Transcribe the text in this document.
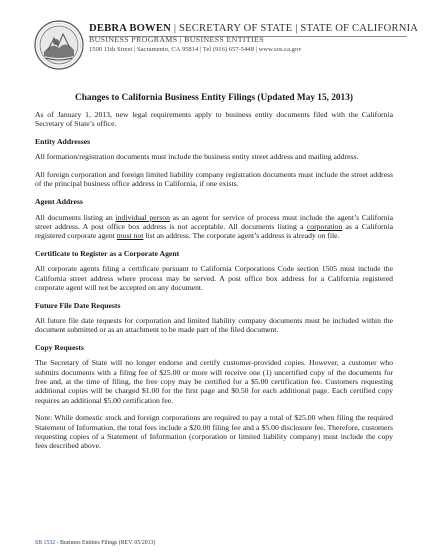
DEBRA BOWEN | SECRETARY OF STATE | STATE OF CALIFORNIA
BUSINESS PROGRAMS | BUSINESS ENTITIES
1500 11th Street | Sacramento, CA 95814 | Tel (916) 657-5448 | www.sos.ca.gov
Changes to California Business Entity Filings (Updated May 15, 2013)

As of January 1, 2013, new legal requirements apply to business entity documents filed with the California Secretary of State’s office.

Entity Addresses

All formation/registration documents must include the business entity street address and mailing address.

All foreign corporation and foreign limited liability company registration documents must include the street address of the principal business office address in California, if one exists.

Agent Address

All documents listing an individual person as an agent for service of process must include the agent’s California street address. A post office box address is not acceptable. All documents listing a corporation as a California registered corporate agent must not list an address. The corporate agent’s address is already on file.

Certificate to Register as a Corporate Agent

All corporate agents filing a certificate pursuant to California Corporations Code section 1505 must include the California street address where process may be served. A post office box address for a California registered corporate agent will not be accepted on any document.

Future File Date Requests

All future file date requests for corporation and limited liability company documents must be included within the document submitted or as an attachment to be made part of the filed document.

Copy Requests

The Secretary of State will no longer endorse and certify customer-provided copies. However, a customer who submits documents with a filing fee of $25.00 or more will receive one (1) uncertified copy of the documents for free and, at the time of filing, the free copy may be certified for a $5.00 certification fee. Customers requesting additional copies will be charged $1.00 for the first page and $0.50 for each additional page. Each certified copy requires an additional $5.00 certification fee.

Note: While domestic stock and foreign corporations are required to pay a total of $25.00 when filing the required Statement of Information, the total fees include a $20.00 filing fee and a $5.00 disclosure fee. Therefore, customers requesting copies of a Statement of Information (corporation or limited liability company) must include the copy fees described above.

SB 1532 - Business Entities Filings (REV. 05/2013)
